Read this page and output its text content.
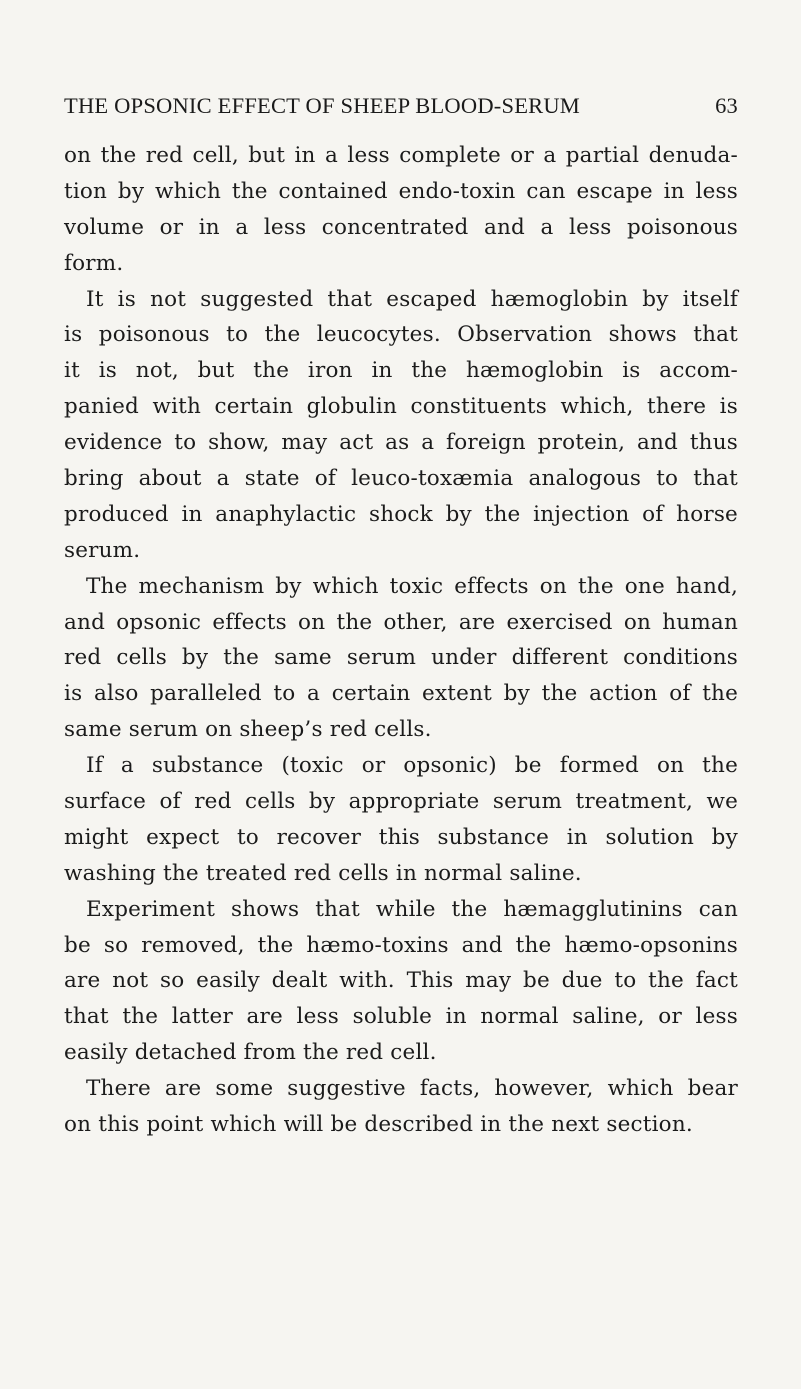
THE OPSONIC EFFECT OF SHEEP BLOOD-SERUM	63
on the red cell, but in a less complete or a partial denuda-
tion by which the contained endo-toxin can escape in less
volume or in a less concentrated and a less poisonous
form.
It is not suggested that escaped hæmoglobin by itself
is poisonous to the leucocytes. Observation shows that
it is not, but the iron in the hæmoglobin is accom-
panied with certain globulin constituents which, there is
evidence to show, may act as a foreign protein, and thus
bring about a state of leuco-toxæmia analogous to that
produced in anaphylactic shock by the injection of horse
serum.
The mechanism by which toxic effects on the one hand,
and opsonic effects on the other, are exercised on human
red cells by the same serum under different conditions
is also paralleled to a certain extent by the action of the
same serum on sheep’s red cells.
If a substance (toxic or opsonic) be formed on the
surface of red cells by appropriate serum treatment, we
might expect to recover this substance in solution by
washing the treated red cells in normal saline.
Experiment shows that while the hæmagglutinins can
be so removed, the hæmo-toxins and the hæmo-opsonins
are not so easily dealt with. This may be due to the fact
that the latter are less soluble in normal saline, or less
easily detached from the red cell.
There are some suggestive facts, however, which bear
on this point which will be described in the next section.
